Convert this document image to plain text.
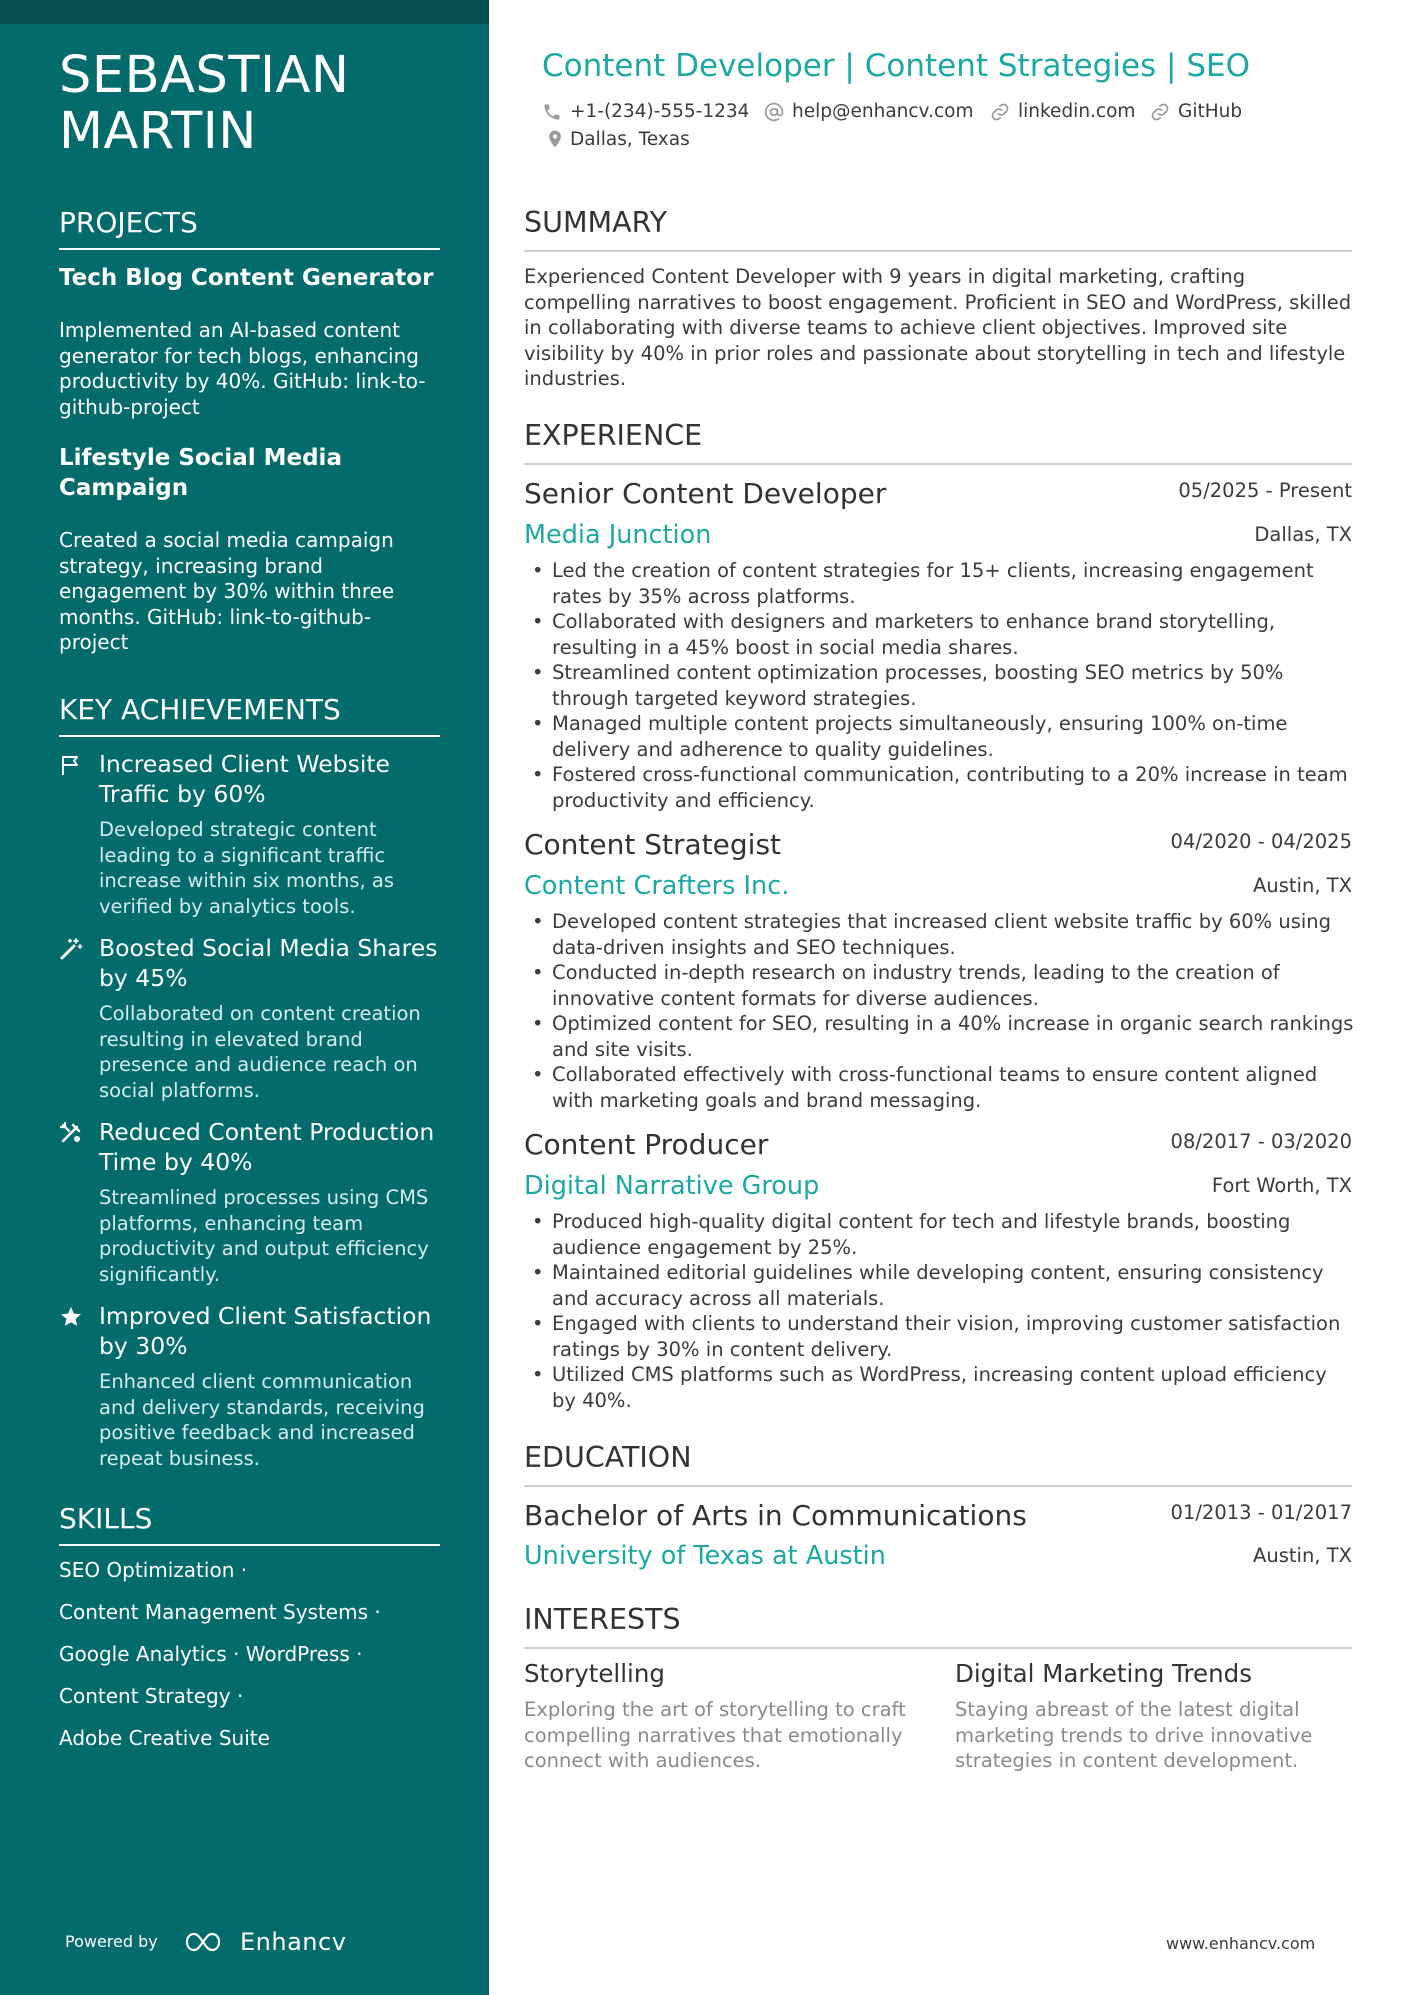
SEBASTIAN
MARTIN
PROJECTS
Tech Blog Content Generator
Implemented an AI-based content generator for tech blogs, enhancing productivity by 40%. GitHub: link-to-github-project
Lifestyle Social Media Campaign
Created a social media campaign strategy, increasing brand engagement by 30% within three months. GitHub: link-to-github-project
KEY ACHIEVEMENTS
Increased Client Website Traffic by 60%
Developed strategic content leading to a significant traffic increase within six months, as verified by analytics tools.
Boosted Social Media Shares by 45%
Collaborated on content creation resulting in elevated brand presence and audience reach on social platforms.
Reduced Content Production Time by 40%
Streamlined processes using CMS platforms, enhancing team productivity and output efficiency significantly.
Improved Client Satisfaction by 30%
Enhanced client communication and delivery standards, receiving positive feedback and increased repeat business.
SKILLS
SEO Optimization ·
Content Management Systems ·
Google Analytics · WordPress ·
Content Strategy ·
Adobe Creative Suite
Powered by	Enhancv
Content Developer | Content Strategies | SEO
+1-(234)-555-1234 help@enhancv.com linkedin.com GitHub
Dallas, Texas
SUMMARY
Experienced Content Developer with 9 years in digital marketing, crafting compelling narratives to boost engagement. Proficient in SEO and WordPress, skilled in collaborating with diverse teams to achieve client objectives. Improved site visibility by 40% in prior roles and passionate about storytelling in tech and lifestyle industries.
EXPERIENCE
Senior Content Developer	05/2025 - Present
Media Junction	Dallas, TX
• Led the creation of content strategies for 15+ clients, increasing engagement rates by 35% across platforms.
• Collaborated with designers and marketers to enhance brand storytelling, resulting in a 45% boost in social media shares.
• Streamlined content optimization processes, boosting SEO metrics by 50% through targeted keyword strategies.
• Managed multiple content projects simultaneously, ensuring 100% on-time delivery and adherence to quality guidelines.
• Fostered cross-functional communication, contributing to a 20% increase in team productivity and efficiency.
Content Strategist	04/2020 - 04/2025
Content Crafters Inc.	Austin, TX
• Developed content strategies that increased client website traffic by 60% using data-driven insights and SEO techniques.
• Conducted in-depth research on industry trends, leading to the creation of innovative content formats for diverse audiences.
• Optimized content for SEO, resulting in a 40% increase in organic search rankings and site visits.
• Collaborated effectively with cross-functional teams to ensure content aligned with marketing goals and brand messaging.
Content Producer	08/2017 - 03/2020
Digital Narrative Group	Fort Worth, TX
• Produced high-quality digital content for tech and lifestyle brands, boosting audience engagement by 25%.
• Maintained editorial guidelines while developing content, ensuring consistency and accuracy across all materials.
• Engaged with clients to understand their vision, improving customer satisfaction ratings by 30% in content delivery.
• Utilized CMS platforms such as WordPress, increasing content upload efficiency by 40%.
EDUCATION
Bachelor of Arts in Communications	01/2013 - 01/2017
University of Texas at Austin	Austin, TX
INTERESTS
Storytelling
Exploring the art of storytelling to craft compelling narratives that emotionally connect with audiences.
Digital Marketing Trends
Staying abreast of the latest digital marketing trends to drive innovative strategies in content development.
www.enhancv.com
